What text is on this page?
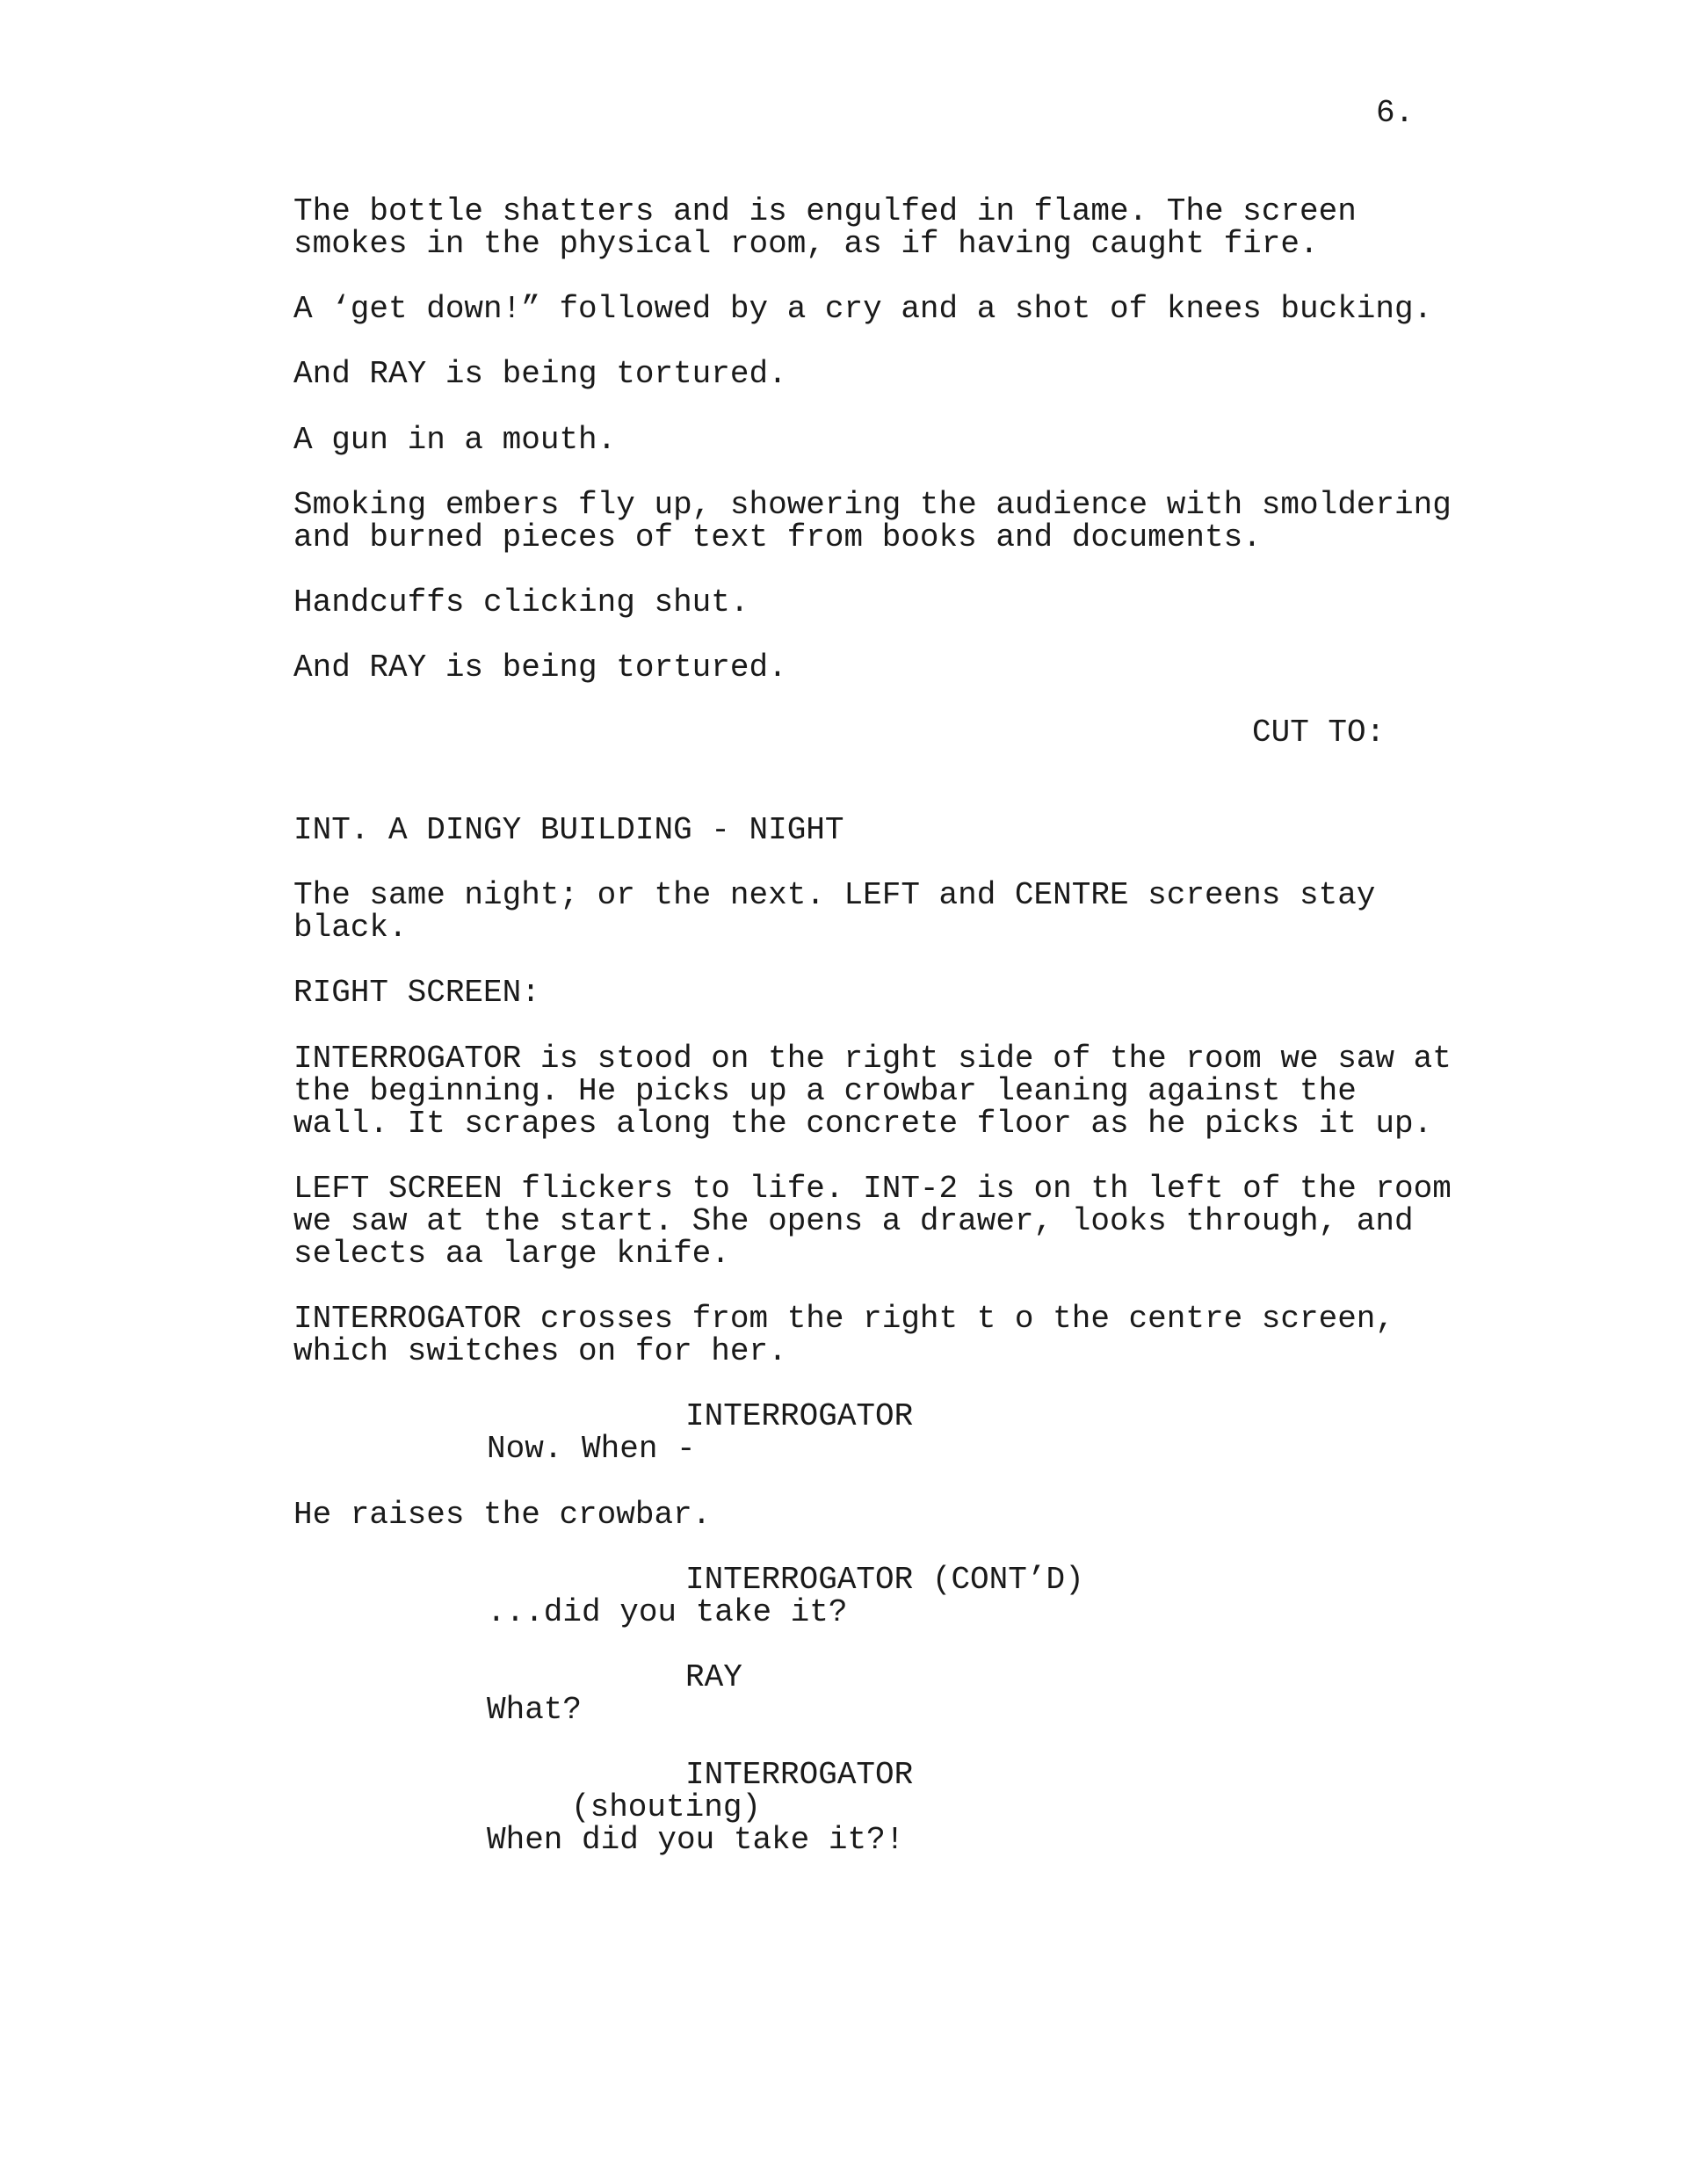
6.

The bottle shatters and is engulfed in flame. The screen

smokes in the physical room, as if having caught fire.

A ‘get down!” followed by a cry and a shot of knees bucking.

And RAY is being tortured.

A gun in a mouth.

Smoking embers fly up, showering the audience with smoldering

and burned pieces of text from books and documents.

Handcuffs clicking shut.

And RAY is being tortured.

CUT TO:

INT. A DINGY BUILDING - NIGHT

The same night; or the next. LEFT and CENTRE screens stay

black.

RIGHT SCREEN:

INTERROGATOR is stood on the right side of the room we saw at

the beginning. He picks up a crowbar leaning against the

wall. It scrapes along the concrete floor as he picks it up.

LEFT SCREEN flickers to life. INT-2 is on th left of the room

we saw at the start. She opens a drawer, looks through, and

selects aa large knife.

INTERROGATOR crosses from the right t o the centre screen,

which switches on for her.

INTERROGATOR

Now. When -

He raises the crowbar.

INTERROGATOR (CONT’D)

...did you take it?

RAY

What?

INTERROGATOR

(shouting)

When did you take it?!
